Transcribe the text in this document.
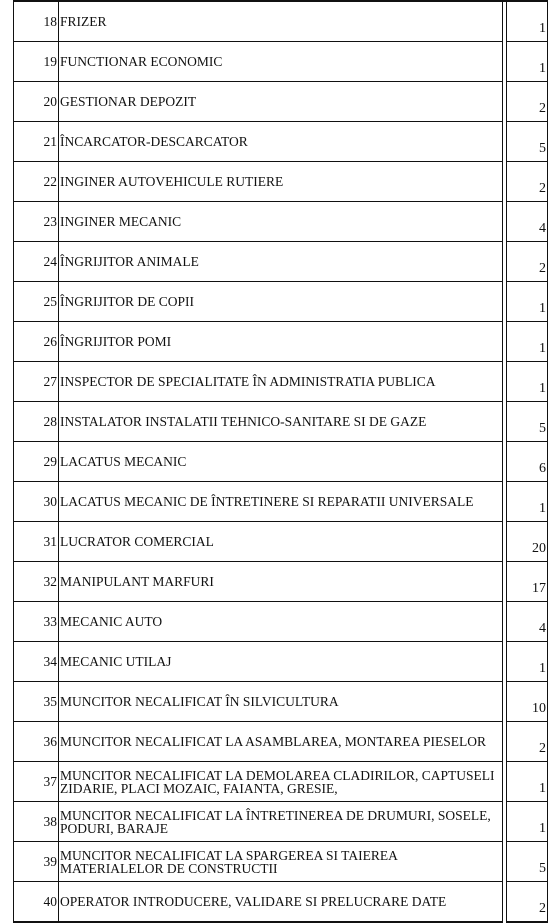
18	FRIZER		1
19	FUNCTIONAR ECONOMIC		1
20	GESTIONAR DEPOZIT		2
21	ÎNCARCATOR-DESCARCATOR		5
22	INGINER AUTOVEHICULE RUTIERE		2
23	INGINER MECANIC		4
24	ÎNGRIJITOR ANIMALE		2
25	ÎNGRIJITOR DE COPII		1
26	ÎNGRIJITOR POMI		1
27	INSPECTOR DE SPECIALITATE ÎN ADMINISTRATIA PUBLICA		1
28	INSTALATOR INSTALATII TEHNICO-SANITARE SI DE GAZE		5
29	LACATUS MECANIC		6
30	LACATUS MECANIC DE ÎNTRETINERE SI REPARATII UNIVERSALE		1
31	LUCRATOR COMERCIAL		20
32	MANIPULANT MARFURI		17
33	MECANIC AUTO		4
34	MECANIC UTILAJ		1
35	MUNCITOR NECALIFICAT ÎN SILVICULTURA		10
36	MUNCITOR NECALIFICAT LA ASAMBLAREA, MONTAREA PIESELOR		2
37	MUNCITOR NECALIFICAT LA DEMOLAREA CLADIRILOR, CAPTUSELI ZIDARIE, PLACI MOZAIC, FAIANTA, GRESIE,		1
38	MUNCITOR NECALIFICAT LA ÎNTRETINEREA DE DRUMURI, SOSELE, PODURI, BARAJE		1
39	MUNCITOR NECALIFICAT LA SPARGEREA SI TAIEREA MATERIALELOR DE CONSTRUCTII		5
40	OPERATOR INTRODUCERE, VALIDARE SI PRELUCRARE DATE		2
